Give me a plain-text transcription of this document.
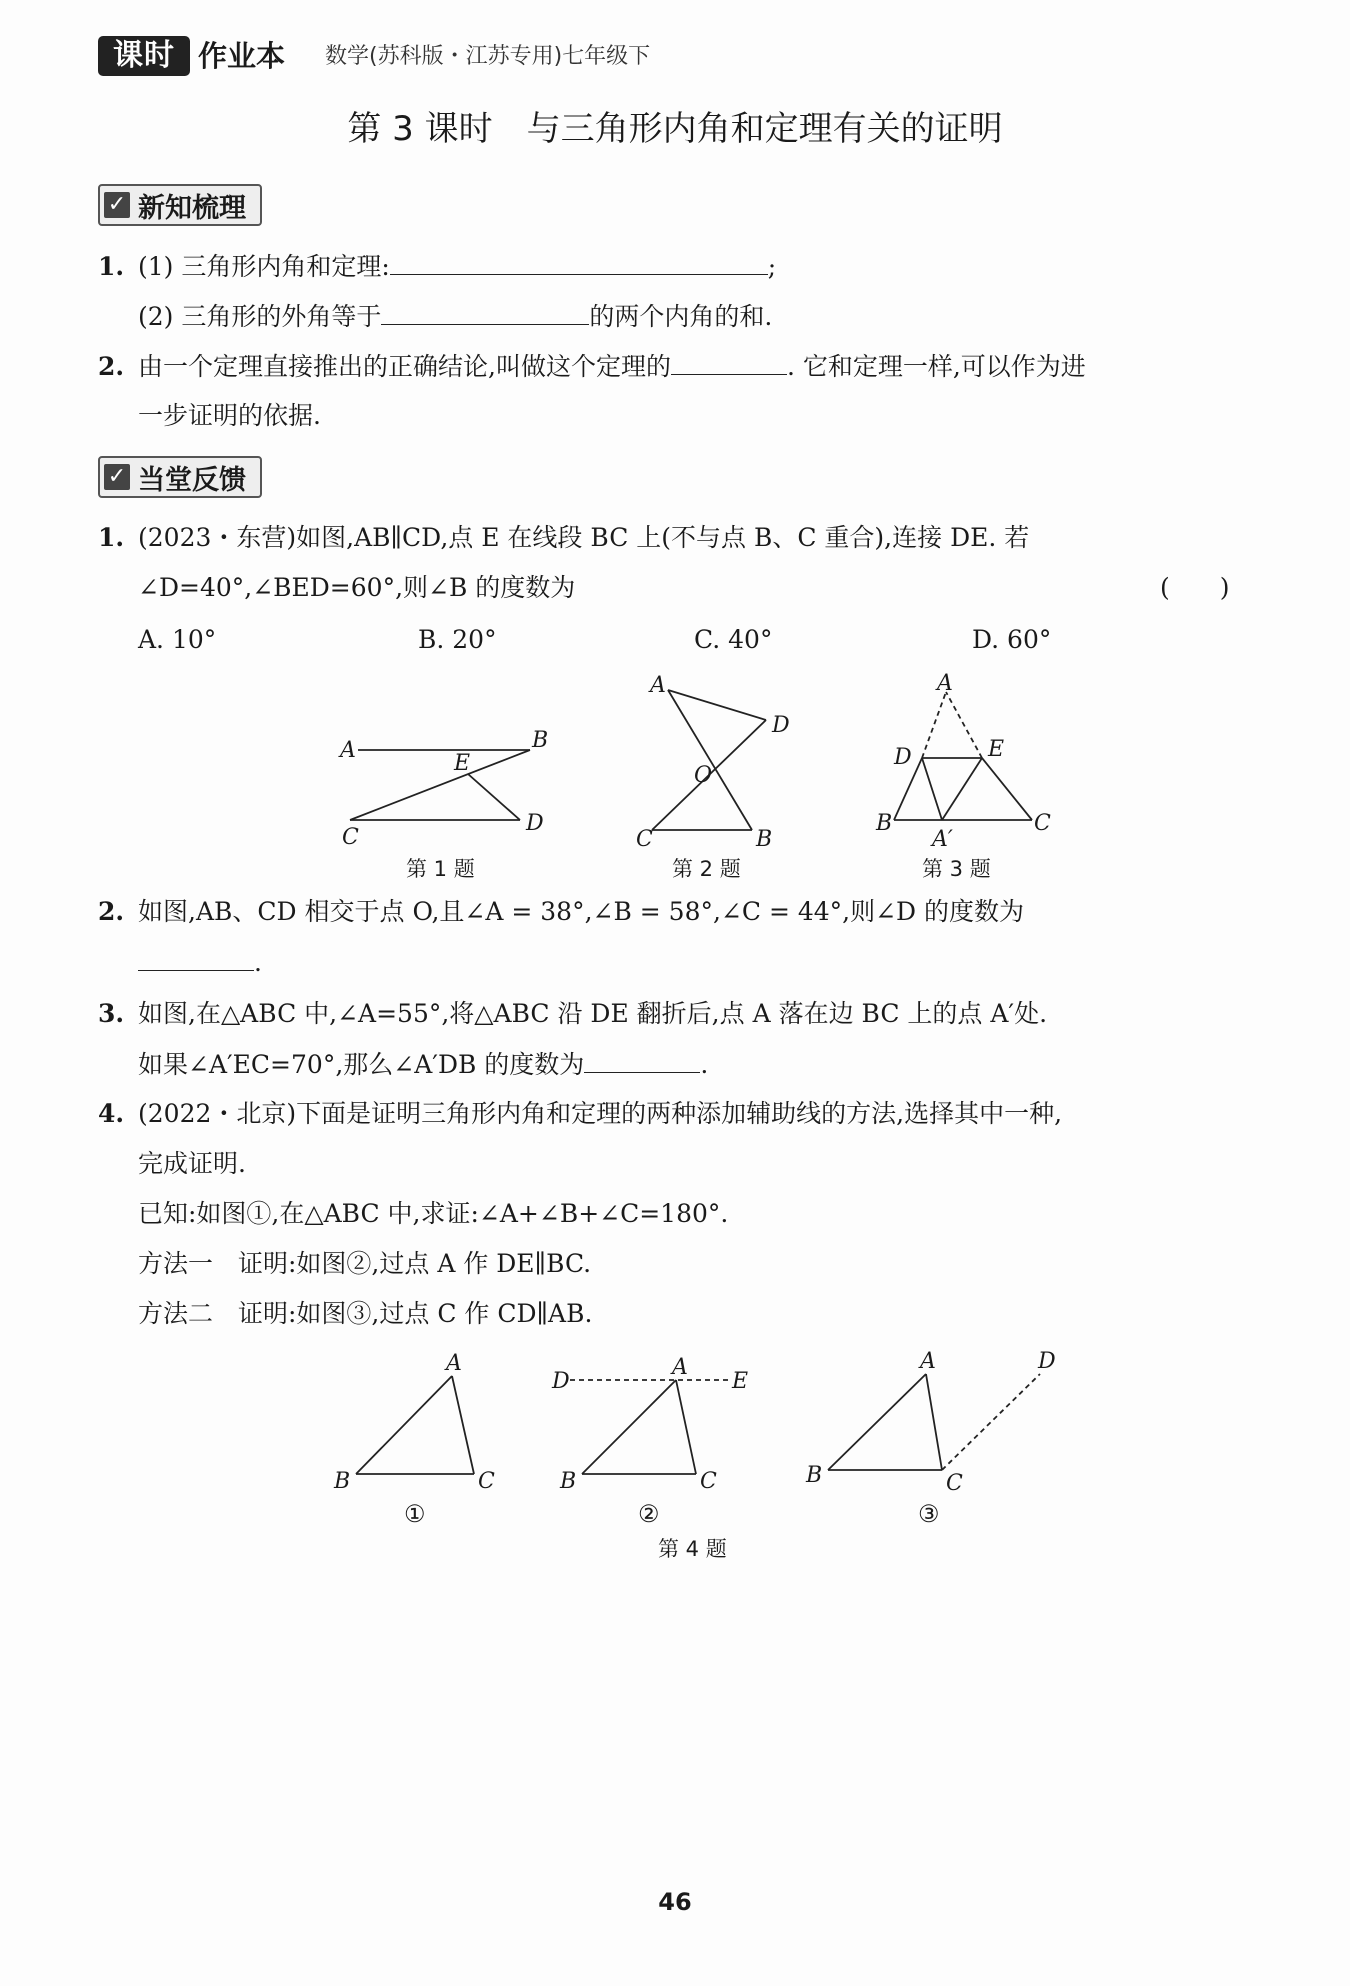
课时 作业本 数学(苏科版・江苏专用)七年级下
第 3 课时　与三角形内角和定理有关的证明
✓ 新知梳理
1. (1) 三角形内角和定理:	;
(2) 三角形的外角等于	的两个内角的和.
2. 由一个定理直接推出的正确结论,叫做这个定理的	. 它和定理一样,可以作为进
一步证明的依据.
✓ 当堂反馈
1. (2023・东营)如图,AB∥CD,点 E 在线段 BC 上(不与点 B、C 重合),连接 DE. 若
∠D=40°,∠BED=60°,则∠B 的度数为	(　　)
A. 10°	B. 20°	C. 40°	D. 60°
A	B
E
C
D
第 1 题
A
D
O
C	B
第 2 题
A
D	E
B	C
A′
第 3 题
2. 如图,AB、CD 相交于点 O,且∠A = 38°,∠B = 58°,∠C = 44°,则∠D 的度数为
.
3. 如图,在△ABC 中,∠A=55°,将△ABC 沿 DE 翻折后,点 A 落在边 BC 上的点 A′处.
如果∠A′EC=70°,那么∠A′DB 的度数为	.
4. (2022・北京)下面是证明三角形内角和定理的两种添加辅助线的方法,选择其中一种,
完成证明.
已知:如图①,在△ABC 中,求证:∠A+∠B+∠C=180°.
方法一　证明:如图②,过点 A 作 DE∥BC.
方法二　证明:如图③,过点 C 作 CD∥AB.
A
B	C
①
D
A
E
B	C
②
A	D
B	C
③
第 4 题
46
